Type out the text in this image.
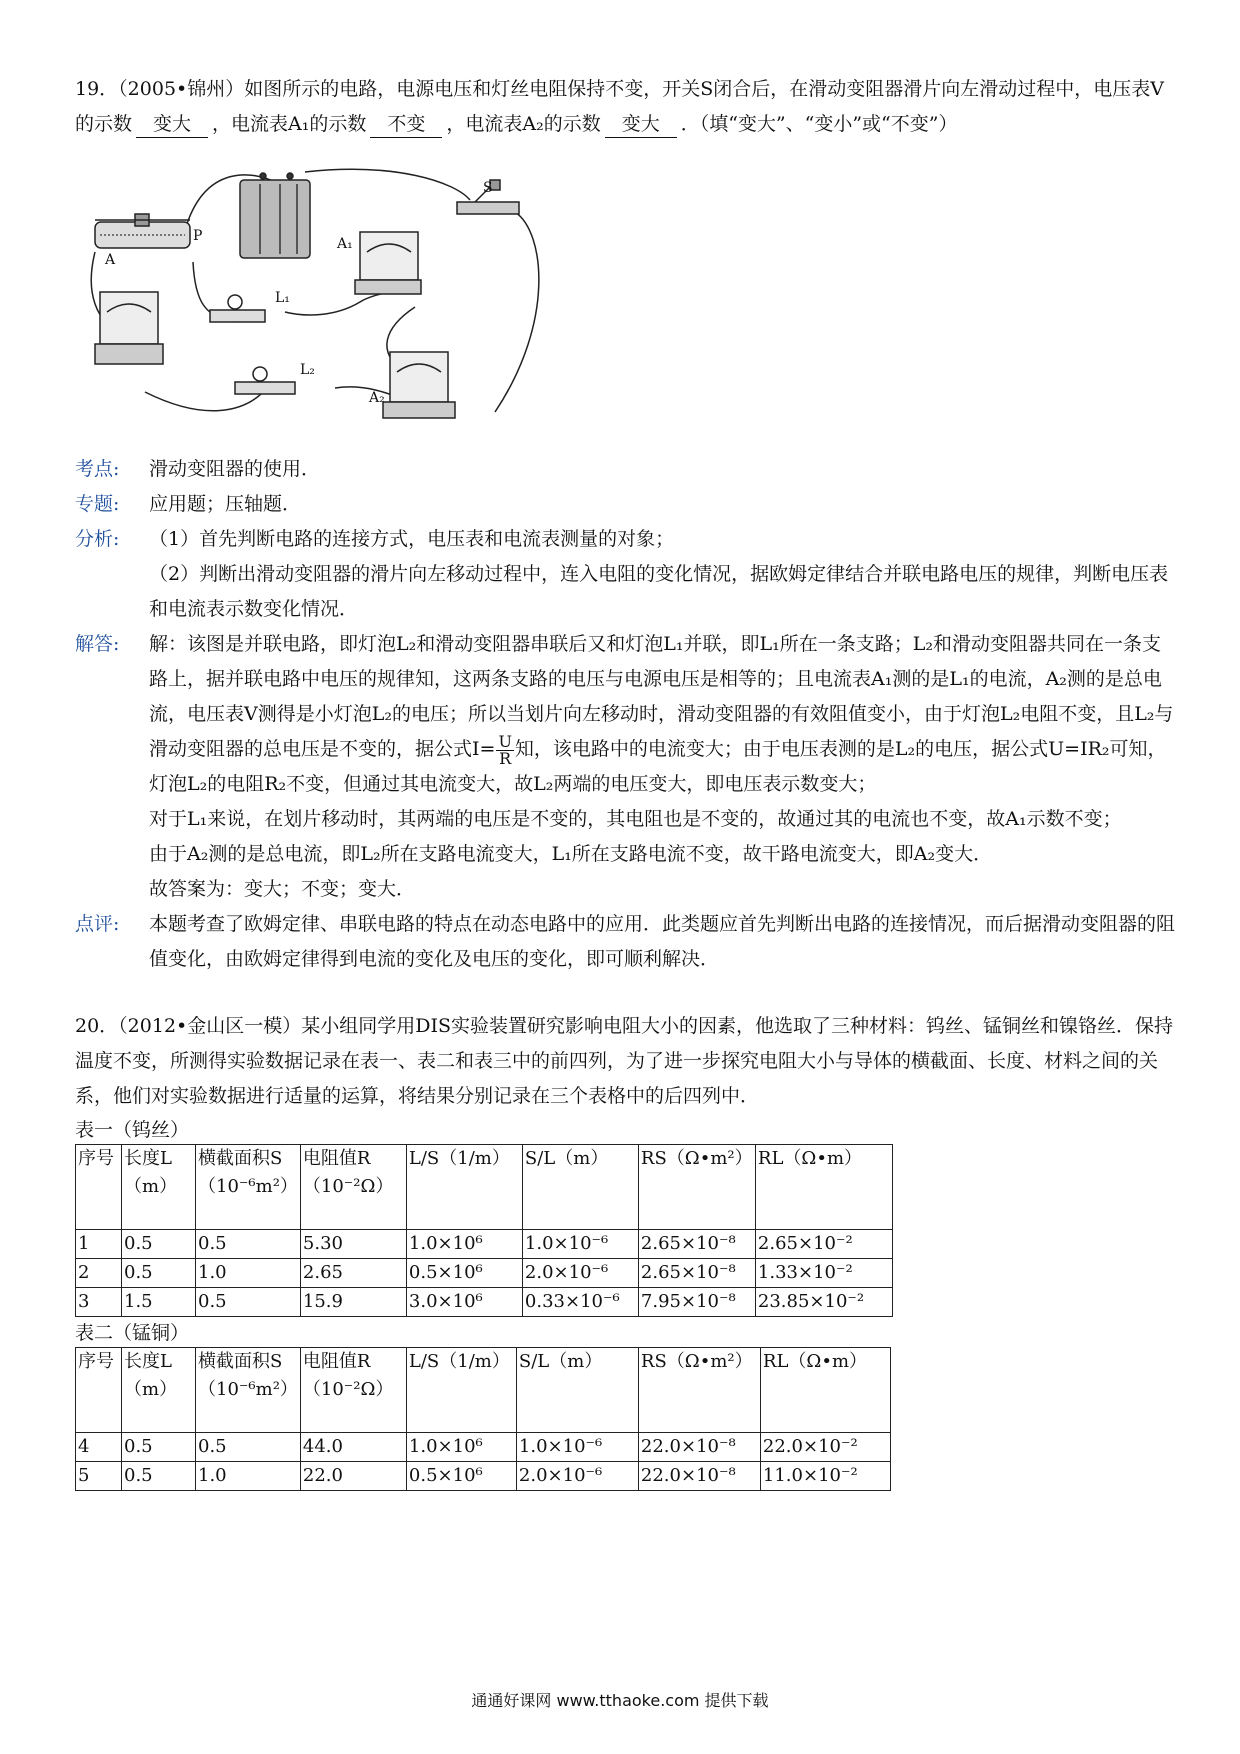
19．（2005•锦州）如图所示的电路，电源电压和灯丝电阻保持不变，开关S闭合后，在滑动变阻器滑片向左滑动过程中，电压表V的示数 变大 ，电流表A₁的示数 不变 ，电流表A₂的示数 变大 ．（填“变大”、“变小”或“不变”）

P
A
S
A₁
L₁
L₂
A₂
考点:	滑动变阻器的使用．

专题:	应用题；压轴题．

分析:	（1）首先判断电路的连接方式，电压表和电流表测量的对象；

（2）判断出滑动变阻器的滑片向左移动过程中，连入电阻的变化情况，据欧姆定律结合并联电路电压的规律，判断电压表和电流表示数变化情况．

解答:	解：该图是并联电路，即灯泡L₂和滑动变阻器串联后又和灯泡L₁并联，即L₁所在一条支路；L₂和滑动变阻器共同在一条支路上，据并联电路中电压的规律知，这两条支路的电压与电源电压是相等的；且电流表A₁测的是L₁的电流，A₂测的是总电流，电压表V测得是小灯泡L₂的电压；所以当划片向左移动时，滑动变阻器的有效阻值变小，由于灯泡L₂电阻不变，且L₂与滑动变阻器的总电压是不变的，据公式$I= \frac{U}{R}$ 知，该电路中的电流变大；由于电压表测的是L₂的电压，据公式U=IR₂可知，灯泡L₂的电阻R₂不变，但通过其电流变大，故L₂两端的电压变大，即电压表示数变大；

对于L₁来说，在划片移动时，其两端的电压是不变的，其电阻也是不变的，故通过其的电流也不变，故A₁示数不变；

由于A₂测的是总电流，即L₂所在支路电流变大，L₁所在支路电流不变，故干路电流变大，即A₂变大．

故答案为：变大；不变；变大．

点评:	本题考查了欧姆定律、串联电路的特点在动态电路中的应用．此类题应首先判断出电路的连接情况，而后据滑动变阻器的阻值变化，由欧姆定律得到电流的变化及电压的变化，即可顺利解决．

20．（2012•金山区一模）某小组同学用DIS实验装置研究影响电阻大小的因素，他选取了三种材料：钨丝、锰铜丝和镍铬丝．保持温度不变，所测得实验数据记录在表一、表二和表三中的前四列，为了进一步探究电阻大小与导体的横截面、长度、材料之间的关系，他们对实验数据进行适量的运算，将结果分别记录在三个表格中的后四列中．

表一（钨丝）
序号	长度L（m）	横截面积S（10⁻⁶m²）	电阻值R（10⁻²Ω）	L/S（1/m）	S/L（m）	RS（Ω•m²）	RL（Ω•m）
1	0.5	0.5	5.30	1.0×10⁶	1.0×10⁻⁶	2.65×10⁻⁸	2.65×10⁻²
2	0.5	1.0	2.65	0.5×10⁶	2.0×10⁻⁶	2.65×10⁻⁸	1.33×10⁻²
3	1.5	0.5	15.9	3.0×10⁶	0.33×10⁻⁶	7.95×10⁻⁸	23.85×10⁻²
表二（锰铜）
序号	长度L（m）	横截面积S（10⁻⁶m²）	电阻值R（10⁻²Ω）	L/S（1/m）	S/L（m）	RS（Ω•m²）	RL（Ω•m）
4	0.5	0.5	44.0	1.0×10⁶	1.0×10⁻⁶	22.0×10⁻⁸	22.0×10⁻²
5	0.5	1.0	22.0	0.5×10⁶	2.0×10⁻⁶	22.0×10⁻⁸	11.0×10⁻²
通通好课网 www.tthaoke.com 提供下载
